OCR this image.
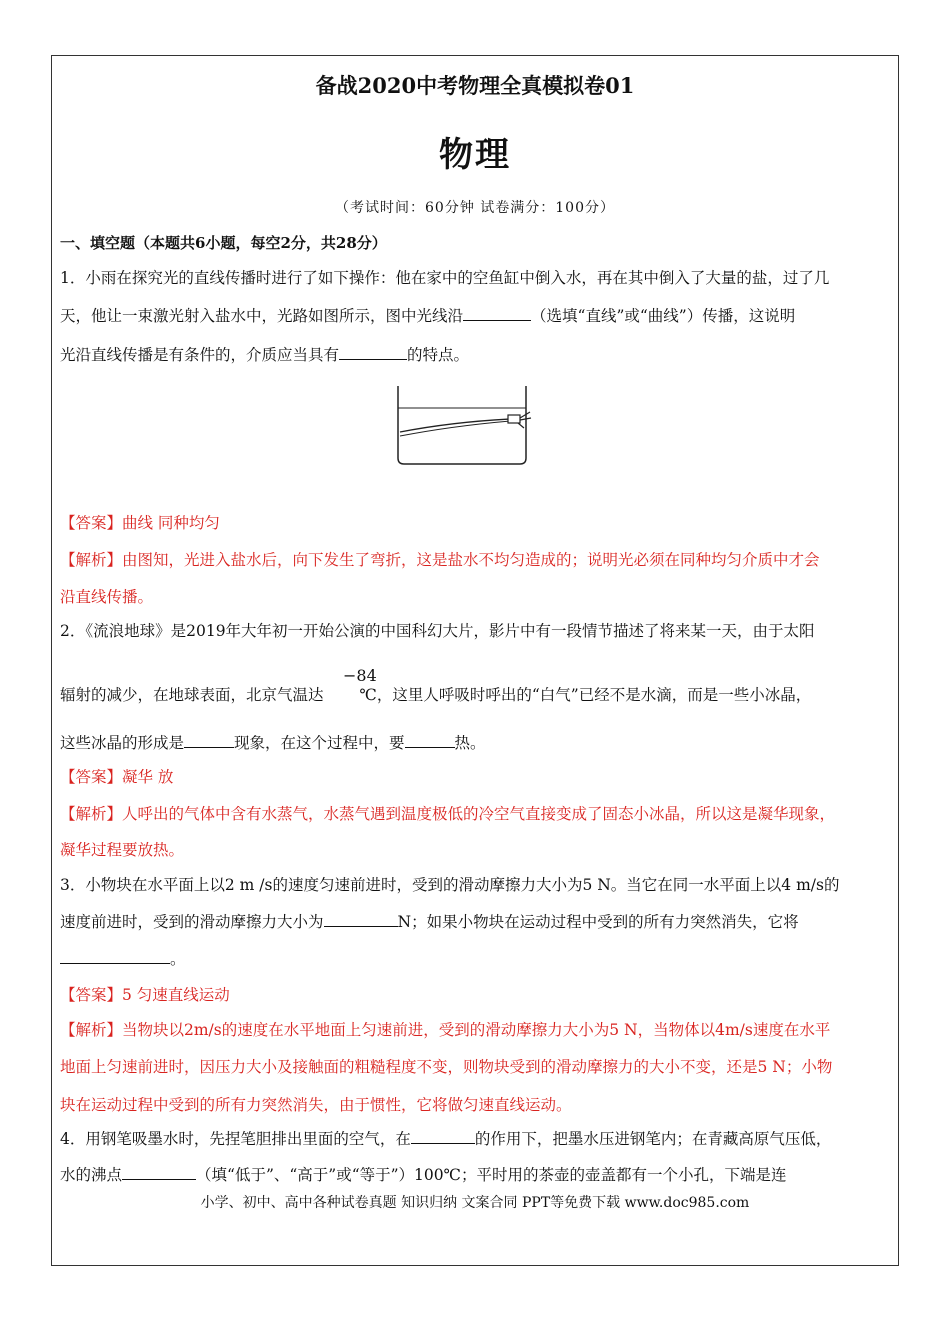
备战2020中考物理全真模拟卷01
物理
（考试时间：60分钟 试卷满分：100分）
一、填空题（本题共6小题，每空2分，共28分）
1．小雨在探究光的直线传播时进行了如下操作：他在家中的空鱼缸中倒入水，再在其中倒入了大量的盐，过了几
天，他让一束激光射入盐水中，光路如图所示，图中光线沿	（选填“直线”或“曲线”）传播，这说明
光沿直线传播是有条件的，介质应当具有	的特点。
【答案】曲线 同种均匀
【解析】由图知，光进入盐水后，向下发生了弯折，这是盐水不均匀造成的；说明光必须在同种均匀介质中才会
沿直线传播。
2．《流浪地球》是2019年大年初一开始公演的中国科幻大片，影片中有一段情节描述了将来某一天，由于太阳
−84
辐射的减少，在地球表面，北京气温达 ℃，这里人呼吸时呼出的“白气”已经不是水滴，而是一些小冰晶，
这些冰晶的形成是	现象，在这个过程中，要	热。
【答案】凝华 放
【解析】人呼出的气体中含有水蒸气，水蒸气遇到温度极低的冷空气直接变成了固态小冰晶，所以这是凝华现象，
凝华过程要放热。
3．小物块在水平面上以2 m /s的速度匀速前进时，受到的滑动摩擦力大小为5 N。当它在同一水平面上以4 m/s的
速度前进时，受到的滑动摩擦力大小为	N；如果小物块在运动过程中受到的所有力突然消失，它将
。
【答案】5 匀速直线运动
【解析】当物块以2m/s的速度在水平地面上匀速前进，受到的滑动摩擦力大小为5 N，当物体以4m/s速度在水平
地面上匀速前进时，因压力大小及接触面的粗糙程度不变，则物块受到的滑动摩擦力的大小不变，还是5 N；小物
块在运动过程中受到的所有力突然消失，由于惯性，它将做匀速直线运动。
4．用钢笔吸墨水时，先捏笔胆排出里面的空气，在	的作用下，把墨水压进钢笔内；在青藏高原气压低，
水的沸点	（填“低于”、“高于”或“等于”）100℃；平时用的茶壶的壶盖都有一个小孔，下端是连
小学、初中、高中各种试卷真题 知识归纳 文案合同 PPT等免费下载 www.doc985.com
